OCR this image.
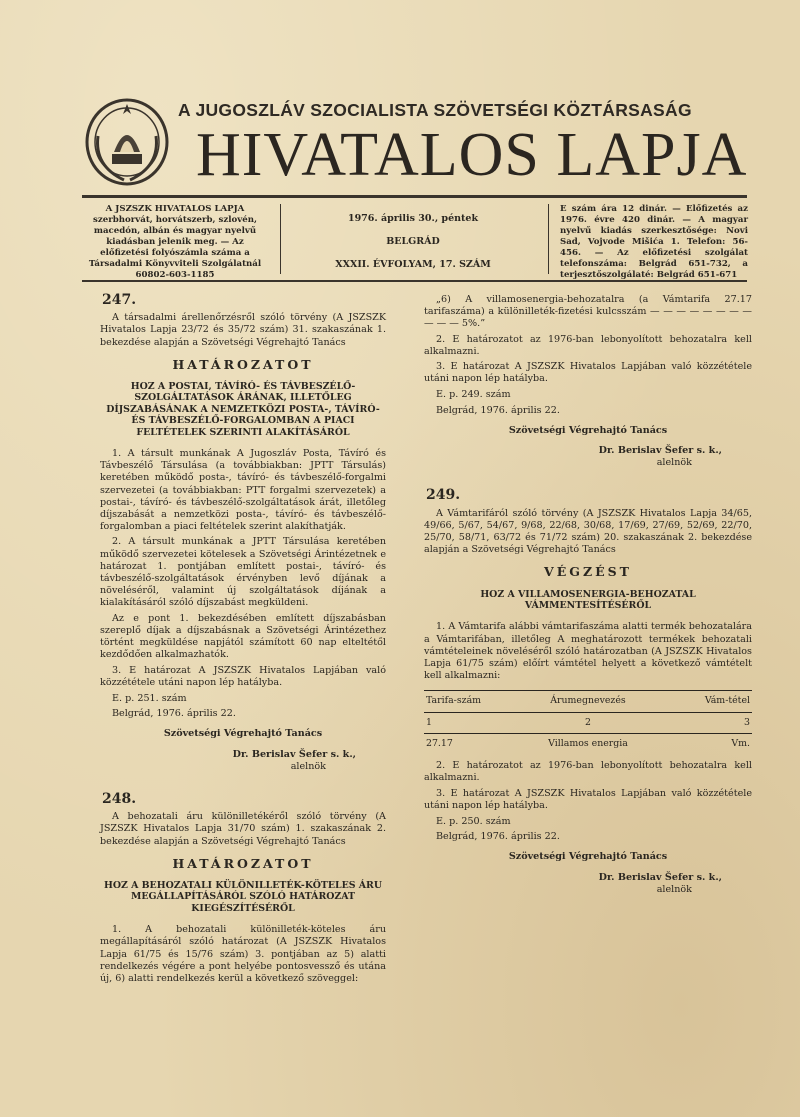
A JUGOSZLÁV SZOCIALISTA SZÖVETSÉGI KÖZTÁRSASÁG
HIVATALOS LAPJA
A JSZSZK HIVATALOS LAPJA szerbhorvát, horvátszerb, szlovén, macedón, albán és magyar nyelvű kiadásban jelenik meg. — Az előfizetési folyószámla száma a Társadalmi Könyvviteli Szolgálatnál 60802-603-1185
1976. április 30., péntek
BELGRÁD
XXXII. ÉVFOLYAM, 17. SZÁM
E szám ára 12 dinár. — Előfizetés az 1976. évre 420 dinár. — A magyar nyelvű kiadás szerkesztősége: Novi Sad, Vojvode Mišića 1. Telefon: 56-456. — Az előfizetési szolgálat telefonszáma: Belgrád 651-732, a terjesztőszolgálaté: Belgrád 651-671
247.

A társadalmi árellenőrzésről szóló törvény (A JSZSZK Hivatalos Lapja 23/72 és 35/72 szám) 31. szakaszának 1. bekezdése alapján a Szövetségi Végrehajtó Tanács

HATÁROZATOT
HOZ A POSTAI, TÁVÍRÓ- ÉS TÁVBESZÉLŐ-SZOLGÁLTATÁSOK ÁRÁNAK, ILLETŐLEG DÍJSZABÁSÁNAK A NEMZETKÖZI POSTA-, TÁVÍRÓ- ÉS TÁVBESZÉLŐ-FORGALOMBAN A PIACI FELTÉTELEK SZERINTI ALAKÍTÁSÁRÓL

1. A társult munkának A Jugoszláv Posta, Távíró és Távbeszélő Társulása (a továbbiakban: JPTT Társulás) keretében működő posta-, távíró- és távbeszélő-forgalmi szervezetei (a továbbiakban: PTT forgalmi szervezetek) a postai-, távíró- és távbeszélő-szolgáltatások árát, illetőleg díjszabását a nemzetközi posta-, távíró- és távbeszélő-forgalomban a piaci feltételek szerint alakíthatják.

2. A társult munkának a JPTT Társulása keretében működő szervezetei kötelesek a Szövetségi Árintézetnek e határozat 1. pontjában említett postai-, távíró- és távbeszélő-szolgáltatások érvényben levő díjának a növeléséről, valamint új szolgáltatások díjának a kialakításáról szóló díjszabást megküldeni.

Az e pont 1. bekezdésében említett díjszabásban szereplő díjak a díjszabásnak a Szövetségi Árintézethez történt megküldése napjától számított 60 nap elteltétől kezdődően alkalmazhatók.

3. E határozat A JSZSZK Hivatalos Lapjában való közzététele utáni napon lép hatályba.

E. p. 251. szám

Belgrád, 1976. április 22.

Szövetségi Végrehajtó Tanács
Dr. Berislav Šefer s. k.,
alelnök
248.

A behozatali áru különilletékéről szóló törvény (A JSZSZK Hivatalos Lapja 31/70 szám) 1. szakaszának 2. bekezdése alapján a Szövetségi Végrehajtó Tanács

HATÁROZATOT
HOZ A BEHOZATALI KÜLÖNILLETÉK-KÖTELES ÁRU MEGÁLLAPÍTÁSÁRÓL SZÓLÓ HATÁROZAT KIEGÉSZÍTÉSÉRŐL

1. A behozatali különilleték-köteles áru megállapításáról szóló határozat (A JSZSZK Hivatalos Lapja 61/75 és 15/76 szám) 3. pontjában az 5) alatti rendelkezés végére a pont helyébe pontosvessző és utána új, 6) alatti rendelkezés kerül a következő szöveggel:

„6) A villamosenergia-behozatalra (a Vámtarifa 27.17 tarifaszáma) a különilleték-fizetési kulcsszám — — — — — — — — — — — 5%.”

2. E határozatot az 1976-ban lebonyolított behozatalra kell alkalmazni.

3. E határozat A JSZSZK Hivatalos Lapjában való közzététele utáni napon lép hatályba.

E. p. 249. szám

Belgrád, 1976. április 22.

Szövetségi Végrehajtó Tanács
Dr. Berislav Šefer s. k.,
alelnök
249.

A Vámtarifáról szóló törvény (A JSZSZK Hivatalos Lapja 34/65, 49/66, 5/67, 54/67, 9/68, 22/68, 30/68, 17/69, 27/69, 52/69, 22/70, 25/70, 58/71, 63/72 és 71/72 szám) 20. szakaszának 2. bekezdése alapján a Szövetségi Végrehajtó Tanács

VÉGZÉST
HOZ A VILLAMOSENERGIA-BEHOZATAL VÁMMENTESÍTÉSÉRŐL

1. A Vámtarifa alábbi vámtarifaszáma alatti termék behozatalára a Vámtarifában, illetőleg A meghatározott termékek behozatali vámtételeinek növeléséről szóló határozatban (A JSZSZK Hivatalos Lapja 61/75 szám) előírt vámtétel helyett a következő vámtételt kell alkalmazni:

Tarifa-szám	Árumegnevezés	Vám-tétel
1	2	3
27.17	Villamos energia	Vm.

2. E határozatot az 1976-ban lebonyolított behozatalra kell alkalmazni.

3. E határozat A JSZSZK Hivatalos Lapjában való közzététele utáni napon lép hatályba.

E. p. 250. szám

Belgrád, 1976. április 22.

Szövetségi Végrehajtó Tanács
Dr. Berislav Šefer s. k.,
alelnök
